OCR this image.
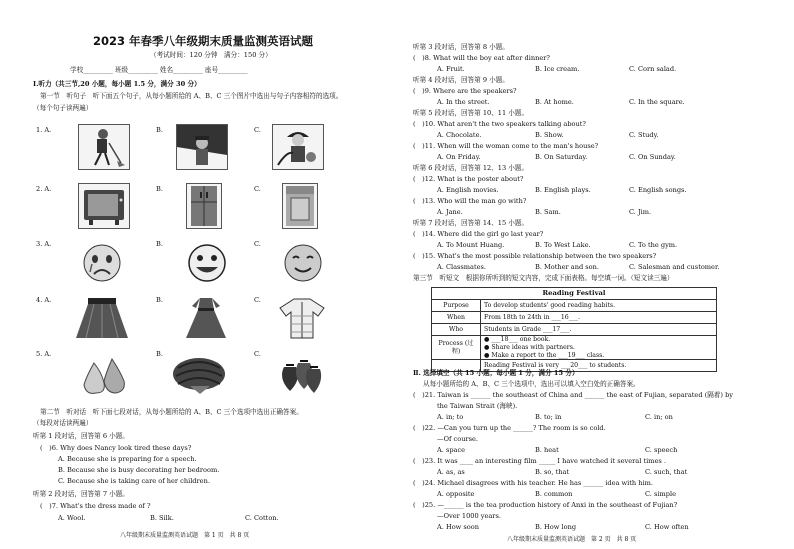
2023 年春季八年级期末质量监测英语试题
（考试时间：120 分钟　满分：150 分）
学校_________ 班级_________ 姓名_________ 座号_________
Ⅰ.听力（共三节,20 小题，每小题 1.5 分，满分 30 分）
第一节　听句子　听下面五个句子，从每小题所给的 A、B、C 三个图片中选出与句子内容相符的选项。
（每个句子读两遍）
1. A.	B.	C.
2. A.	B.	C.
3. A.	B.	C.
4. A.	B.	C.
5. A.	B.	C.
第二节　听对话　听下面七段对话，从每小题所给的 A、B、C 三个选项中选出正确答案。
（每段对话读两遍）
听第 1 段对话，回答第 6 小题。
(　)6. Why does Nancy look tired these days?
A. Because she is preparing for a speech.
B. Because she is busy decorating her bedroom.
C. Because she is taking care of her children.
听第 2 段对话，回答第 7 小题。
(　)7. What's the dress made of ?
A. Wool.	B. Silk.	C. Cotton.
八年级期末质量监测英语试题　第 1 页　共 8 页
听第 3 段对话，回答第 8 小题。
(　)8. What will the boy eat after dinner?
A. Fruit.	B. Ice cream.	C. Corn salad.
听第 4 段对话，回答第 9 小题。
(　)9. Where are the speakers?
A. In the street.	B. At home.	C. In the square.
听第 5 段对话，回答第 10、11 小题。
(　)10. What aren't the two speakers talking about?
A. Chocolate.	B. Show.	C. Study.
(　)11. When will the woman come to the man's house?
A. On Friday.	B. On Saturday.	C. On Sunday.
听第 6 段对话，回答第 12、13 小题。
(　)12. What is the poster about?
A. English movies.	B. English plays.	C. English songs.
(　)13. Who will the man go with?
A. Jane.	B. Sam.	C. Jim.
听第 7 段对话，回答第 14、15 小题。
(　)14. Where did the girl go last year?
A. To Mount Huang.	B. To West Lake.	C. To the gym.
(　)15. What's the most possible relationship between the two speakers?
A. Classmates.	B. Mother and son.	C. Salesman and customer.
第三节　听短文　根据你所听到的短文内容，完成下面表格。每空填一词。（短文读三遍）
Reading Festival	
Purpose	To develop students' good reading habits.
When	From 18th to 24th in ___16___.
Who	Students in Grade ___17___.
Process (过程)	● ___18___ one book.
● Share ideas with partners.
● Make a report to the ___19___ class.

	Reading Festival is very ___20___ to students.
Ⅱ. 选择填空（共 15 小题；每小题 1 分，满分 15 分）
从每小题所给的 A、B、C 三个选项中，选出可以填入空白处的正确答案。
(　)21. Taiwan is ______ the southeast of China and ______ the east of Fujian, separated (隔着) by
the Taiwan Strait (海峡).
A. in; to	B. to; in	C. in; on
(　)22. —Can you turn up the ______? The room is so cold.
—Of course.
A. space	B. heat	C. speech
(　)23. It was ____ an interesting film _____ I have watched it several times .
A. as, as	B. so, that	C. such, that
(　)24. Michael disagrees with his teacher. He has ______ idea with him.
A. opposite	B. common	C. simple
(　)25. —______ is the tea production history of Anxi in the southeast of Fujian?
—Over 1000 years.
A. How soon	B. How long	C. How often
八年级期末质量监测英语试题　第 2 页　共 8 页
